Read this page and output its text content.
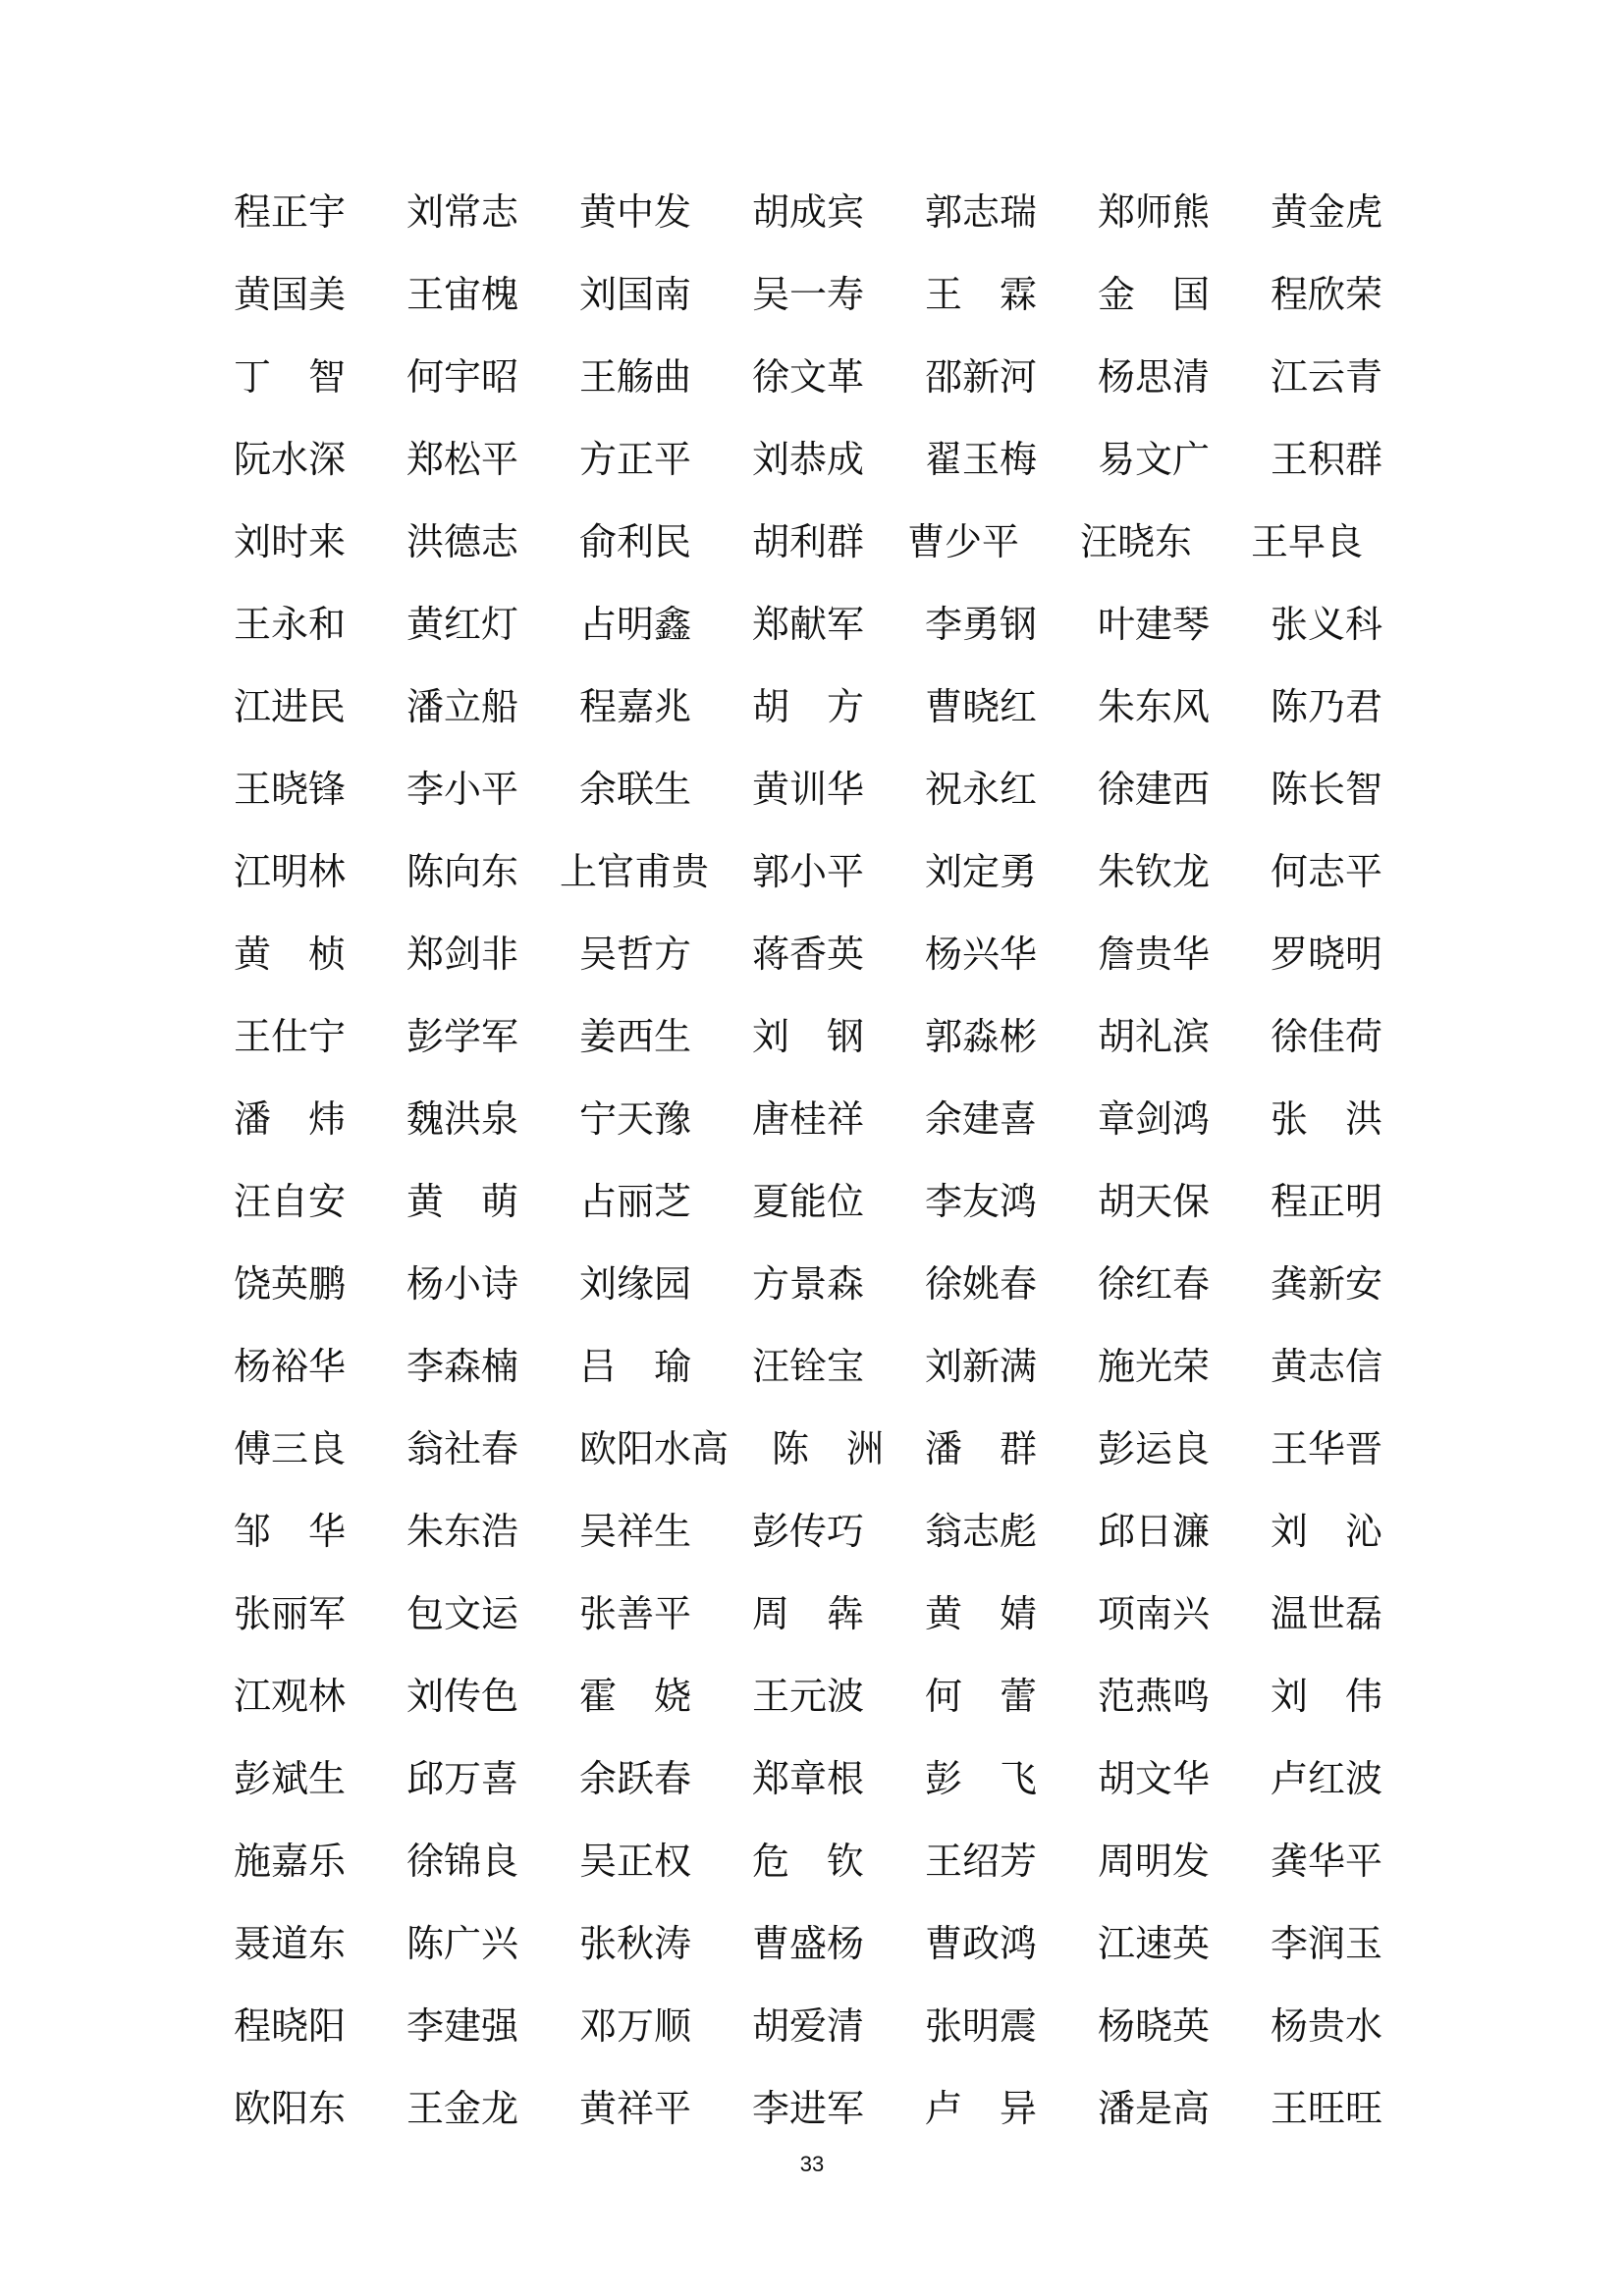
程正宇 刘常志 黄中发 胡成宾 郭志瑞 郑师熊 黄金虎
黄国美 王宙槐 刘国南 吴一寿 王　霖 金　国 程欣荣
丁　智 何宇昭 王觞曲 徐文革 邵新河 杨思清 江云青
阮水深 郑松平 方正平 刘恭成 翟玉梅 易文广 王积群
刘时来 洪德志 俞利民 胡利群 曹少平 汪晓东 王早良
王永和 黄红灯 占明鑫 郑献军 李勇钢 叶建琴 张义科
江进民 潘立船 程嘉兆 胡　方 曹晓红 朱东风 陈乃君
王晓锋 李小平 余联生 黄训华 祝永红 徐建西 陈长智
江明林 陈向东 上官甫贵 郭小平 刘定勇 朱钦龙 何志平
黄　桢 郑剑非 吴哲方 蒋香英 杨兴华 詹贵华 罗晓明
王仕宁 彭学军 姜西生 刘　钢 郭淼彬 胡礼滨 徐佳荷
潘　炜 魏洪泉 宁天豫 唐桂祥 余建喜 章剑鸿 张　洪
汪自安 黄　萌 占丽芝 夏能位 李友鸿 胡天保 程正明
饶英鹏 杨小诗 刘缘园 方景森 徐姚春 徐红春 龚新安
杨裕华 李森楠 吕　瑜 汪铨宝 刘新满 施光荣 黄志信
傅三良 翁社春 欧阳水高 陈　洲 潘　群 彭运良 王华晋
邹　华 朱东浩 吴祥生 彭传巧 翁志彪 邱日濂 刘　沁
张丽军 包文运 张善平 周　犇 黄　婧 项南兴 温世磊
江观林 刘传色 霍　娆 王元波 何　蕾 范燕鸣 刘　伟
彭斌生 邱万喜 余跃春 郑章根 彭　飞 胡文华 卢红波
施嘉乐 徐锦良 吴正权 危　钦 王绍芳 周明发 龚华平
聂道东 陈广兴 张秋涛 曹盛杨 曹政鸿 江速英 李润玉
程晓阳 李建强 邓万顺 胡爱清 张明震 杨晓英 杨贵水
欧阳东 王金龙 黄祥平 李进军 卢　异 潘是高 王旺旺
33
